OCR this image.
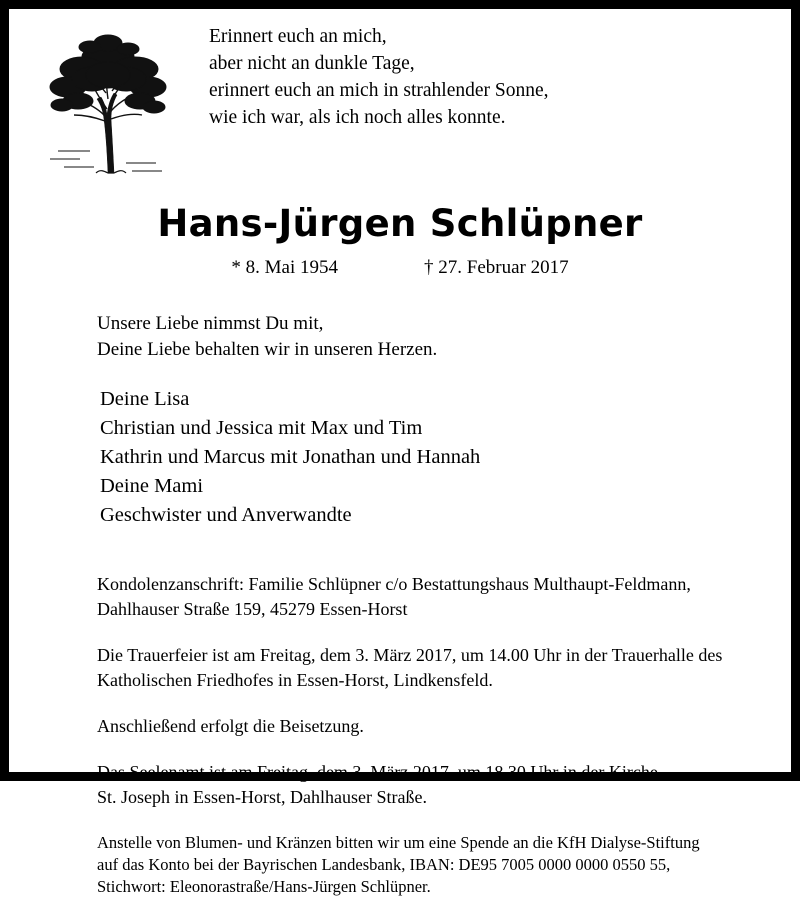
Erinnert euch an mich,
aber nicht an dunkle Tage,
erinnert euch an mich in strahlender Sonne,
wie ich war, als ich noch alles konnte.
Hans-Jürgen Schlüpner
* 8. Mai 1954	† 27. Februar 2017
Unsere Liebe nimmst Du mit,
Deine Liebe behalten wir in unseren Herzen.
Deine Lisa
Christian und Jessica mit Max und Tim
Kathrin und Marcus mit Jonathan und Hannah
Deine Mami
Geschwister und Anverwandte
Kondolenzanschrift: Familie Schlüpner c/o Bestattungshaus Multhaupt-Feldmann,
Dahlhauser Straße 159, 45279 Essen-Horst
Die Trauerfeier ist am Freitag, dem 3. März 2017, um 14.00 Uhr in der Trauerhalle des
Katholischen Friedhofes in Essen-Horst, Lindkensfeld.
Anschließend erfolgt die Beisetzung.
Das Seelenamt ist am Freitag, dem 3. März 2017, um 18.30 Uhr in der Kirche
St. Joseph in Essen-Horst, Dahlhauser Straße.
Anstelle von Blumen- und Kränzen bitten wir um eine Spende an die KfH Dialyse-Stiftung
auf das Konto bei der Bayrischen Landesbank, IBAN: DE95 7005 0000 0000 0550 55,
Stichwort: Eleonorastraße/Hans-Jürgen Schlüpner.
